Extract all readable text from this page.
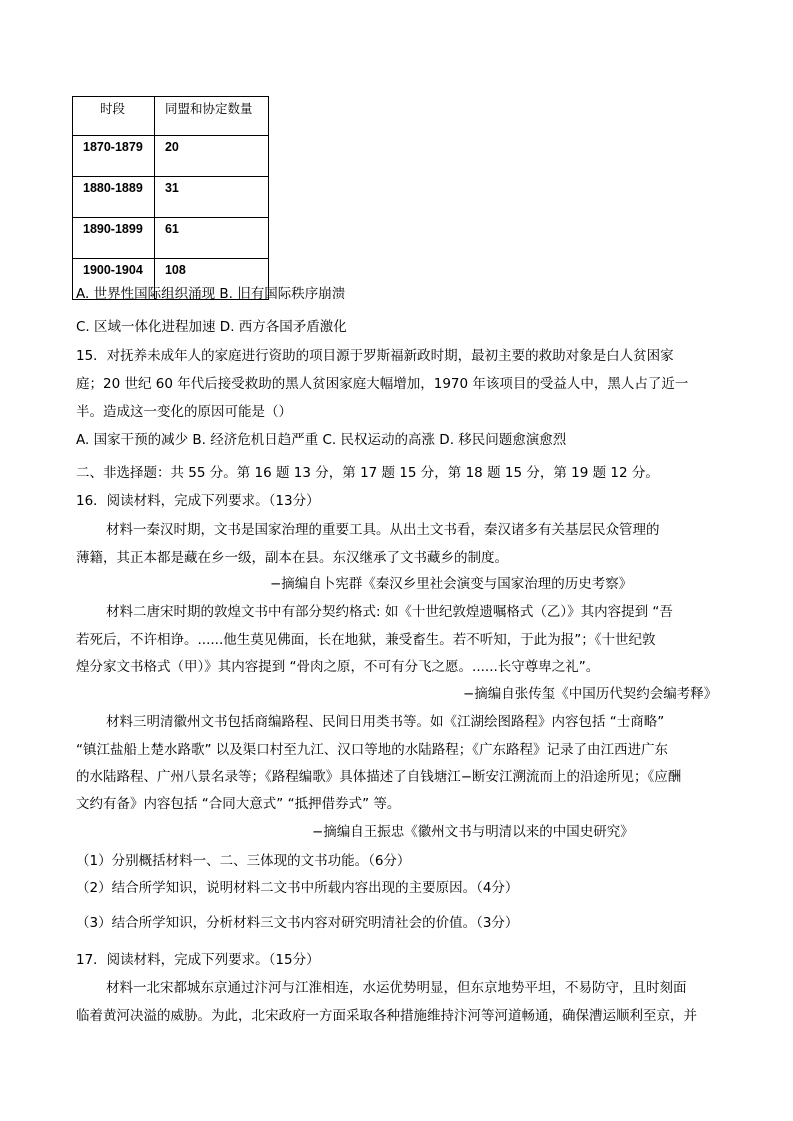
时段	同盟和协定数量
1870-1879	20
1880-1889	31
1890-1899	61
1900-1904	108
A. 世界性国际组织涌现 B. 旧有国际秩序崩溃
C. 区域一体化进程加速 D. 西方各国矛盾激化
15．对抚养未成年人的家庭进行资助的项目源于罗斯福新政时期，最初主要的救助对象是白人贫困家
庭；20 世纪 60 年代后接受救助的黑人贫困家庭大幅增加，1970 年该项目的受益人中，黑人占了近一
半。造成这一变化的原因可能是（）
A. 国家干预的减少 B. 经济危机日趋严重 C. 民权运动的高涨 D. 移民问题愈演愈烈
二、非选择题：共 55 分。第 16 题 13 分，第 17 题 15 分，第 18 题 15 分，第 19 题 12 分。
16．阅读材料，完成下列要求。（13分）
材料一秦汉时期，文书是国家治理的重要工具。从出土文书看，秦汉诸多有关基层民众管理的
薄籍，其正本都是藏在乡一级，副本在县。东汉继承了文书藏乡的制度。
−摘编自卜宪群《秦汉乡里社会演变与国家治理的历史考察》
材料二唐宋时期的敦煌文书中有部分契约格式: 如《十世纪敦煌遗嘱格式（乙）》其内容提到 “吾
若死后，不许相诤。......他生莫见佛面，长在地狱，兼受畜生。若不听知，于此为报”；《十世纪敦
煌分家文书格式（甲）》其内容提到 “骨肉之原，不可有分飞之愿。......长守尊卑之礼”。
−摘编自张传玺《中国历代契约会编考释》
材料三明清徽州文书包括商编路程、民间日用类书等。如《江湖绘图路程》内容包括 “士商略”
“镇江盐船上楚水路歌” 以及渠口村至九江、汉口等地的水陆路程；《广东路程》记录了由江西进广东
的水陆路程、广州八景名录等；《路程编歌》具体描述了自钱塘江−断安江溯流而上的沿途所见；《应酬
文约有备》内容包括 “合同大意式” “抵押借券式” 等。
−摘编自王振忠《徽州文书与明清以来的中国史研究》
（1）分别概括材料一、二、三体现的文书功能。（6分）
（2）结合所学知识，说明材料二文书中所载内容出现的主要原因。（4分）
（3）结合所学知识，分析材料三文书内容对研究明清社会的价值。（3分）
17．阅读材料，完成下列要求。（15分）
材料一北宋都城东京通过汴河与江淮相连，水运优势明显，但东京地势平坦，不易防守，且时刻面
临着黄河决溢的威胁。为此，北宋政府一方面采取各种措施维持汴河等河道畅通，确保漕运顺利至京，并
